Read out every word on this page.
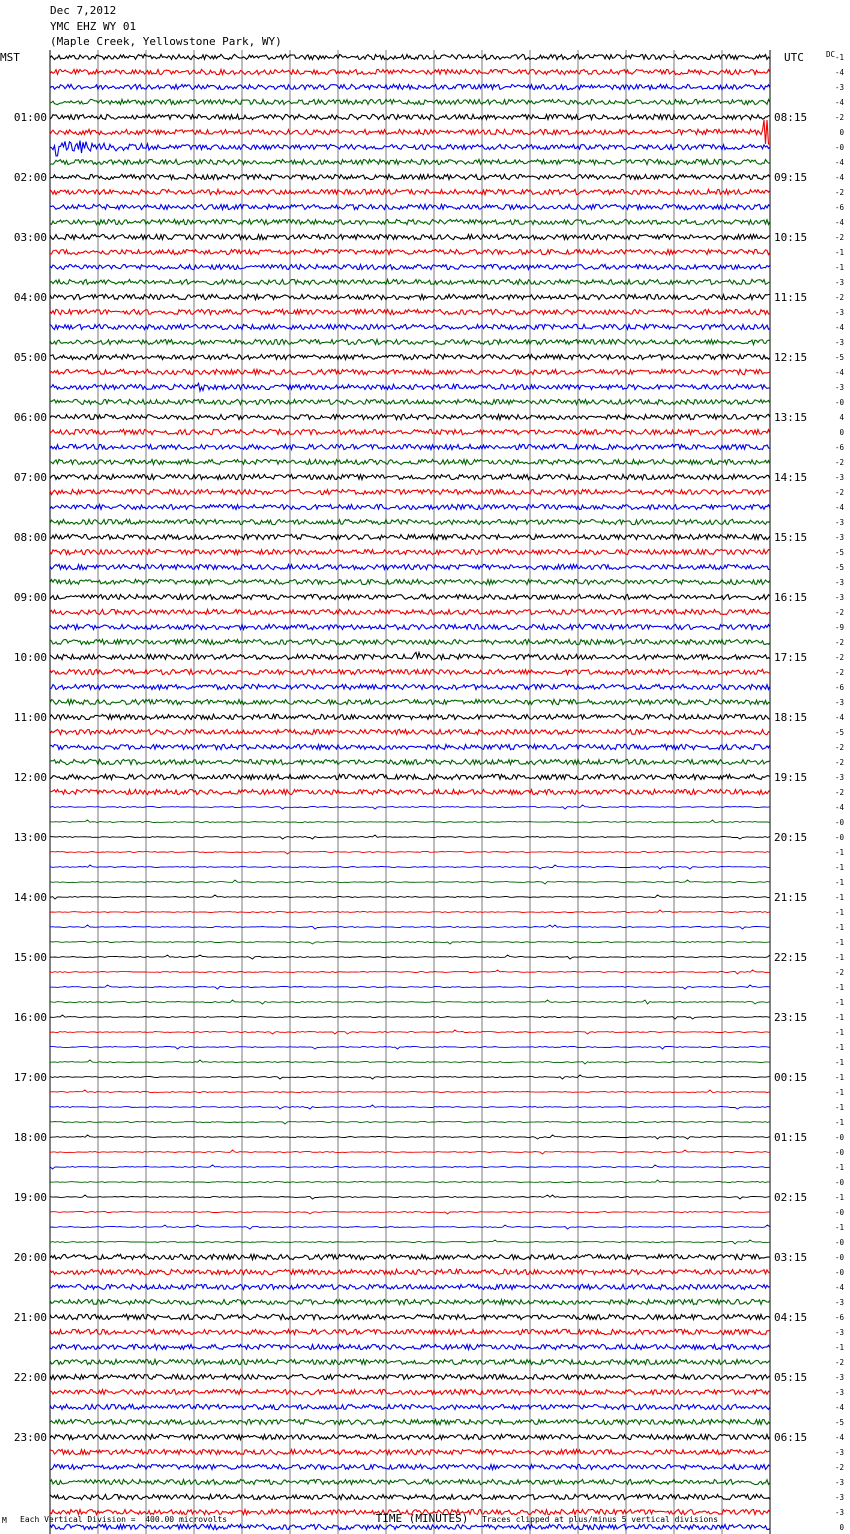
Dec 7,2012
YMC EHZ WY 01
(Maple Creek, Yellowstone Park, WY)
-1
-4
-3
-4
-2
0
-0
-4
-4
-2
-6
-4
-2
-1
-1
-3
-2
-3
-4
-3
-5
-4
-3
-0
4
0
-6
-2
-3
-2
-4
-3
-3
-5
-5
-3
-3
-2
-9
-2
-2
-2
-6
-3
-4
-5
-2
-2
-3
-2
-4
-0
-0
-1
-1
-1
-1
-1
-1
-1
-1
-2
-1
-1
-1
-1
-1
-1
-1
-1
-1
-1
-0
-0
-1
-0
-1
-0
-1
-0
-0
-0
-4
-3
-6
-3
-1
-2
-3
-3
-4
-5
-4
-3
-2
-3
-3
-3
0
01:00
02:00
03:00
04:00
05:00
06:00
07:00
08:00
09:00
10:00
11:00
12:00
13:00
14:00
15:00
16:00
17:00
18:00
19:00
20:00
21:00
22:00
23:00
08:15
09:15
10:15
11:15
12:15
13:15
14:15
15:15
16:15
17:15
18:15
19:15
20:15
21:15
22:15
23:15
00:15
01:15
02:15
03:15
04:15
05:15
06:15
MST	UTC	DC
TIME (MINUTES)
M Each Vertical Division =  400.00 microvolts	Traces clipped at plus/minus 5 vertical divisions
